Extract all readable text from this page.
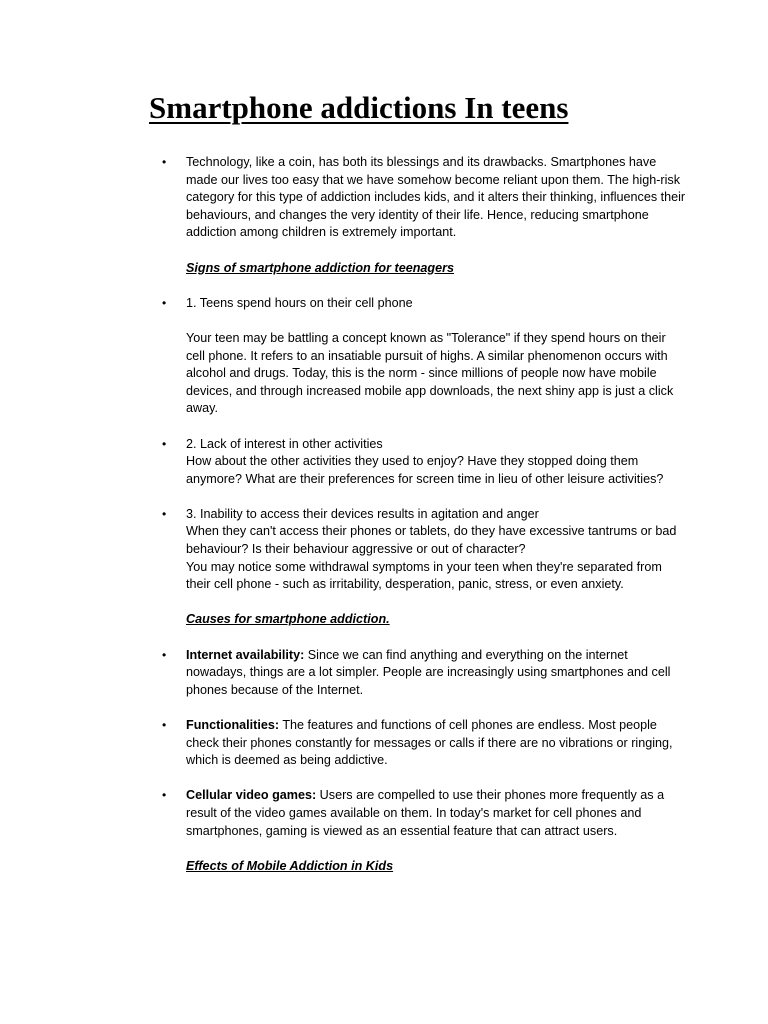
Smartphone addictions In teens
• Technology, like a coin, has both its blessings and its drawbacks. Smartphones have made our lives too easy that we have somehow become reliant upon them. The high-risk category for this type of addiction includes kids, and it alters their thinking, influences their behaviours, and changes the very identity of their life. Hence, reducing smartphone addiction among children is extremely important.

Signs of smartphone addiction for teenagers

• 1. Teens spend hours on their cell phone

Your teen may be battling a concept known as "Tolerance" if they spend hours on their cell phone. It refers to an insatiable pursuit of highs. A similar phenomenon occurs with alcohol and drugs. Today, this is the norm - since millions of people now have mobile devices, and through increased mobile app downloads, the next shiny app is just a click away.

• 2. Lack of interest in other activities

How about the other activities they used to enjoy? Have they stopped doing them anymore? What are their preferences for screen time in lieu of other leisure activities?

• 3. Inability to access their devices results in agitation and anger

When they can't access their phones or tablets, do they have excessive tantrums or bad behaviour? Is their behaviour aggressive or out of character?

You may notice some withdrawal symptoms in your teen when they're separated from their cell phone - such as irritability, desperation, panic, stress, or even anxiety.

Causes for smartphone addiction.

• Internet availability: Since we can find anything and everything on the internet nowadays, things are a lot simpler. People are increasingly using smartphones and cell phones because of the Internet.

• Functionalities: The features and functions of cell phones are endless. Most people check their phones constantly for messages or calls if there are no vibrations or ringing, which is deemed as being addictive.

• Cellular video games: Users are compelled to use their phones more frequently as a result of the video games available on them. In today's market for cell phones and smartphones, gaming is viewed as an essential feature that can attract users.

Effects of Mobile Addiction in Kids
